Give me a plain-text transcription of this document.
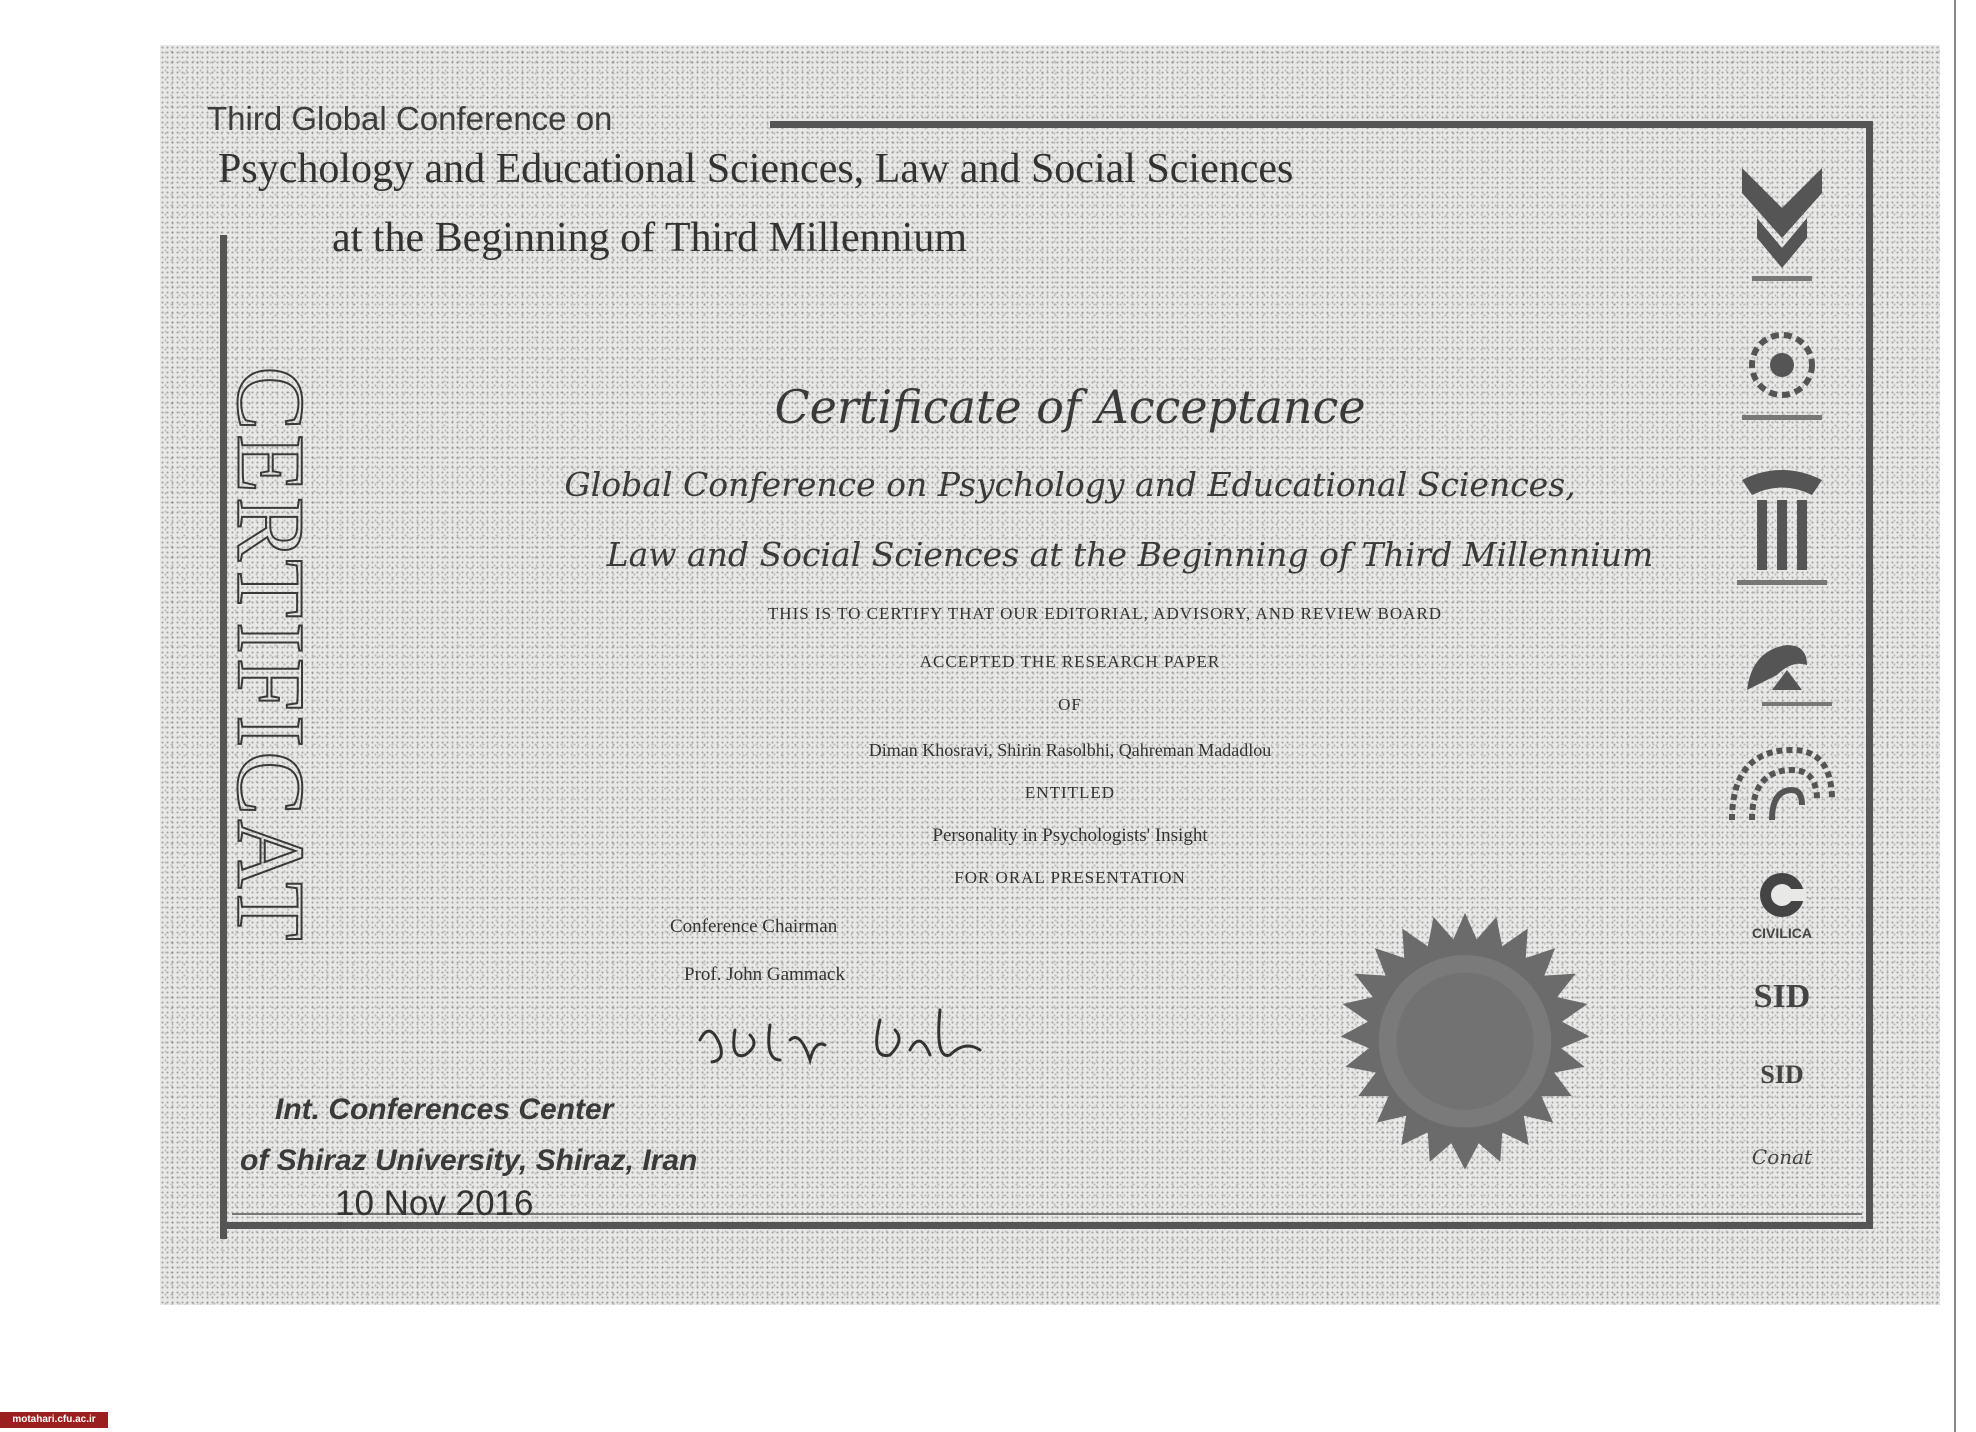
Third Global Conference on
Psychology and Educational Sciences, Law and Social Sciences
at the Beginning of Third Millennium
CERTIFICAT	Certificate of Acceptance
Global Conference on Psychology and Educational Sciences,
Law and Social Sciences at the Beginning of Third Millennium
THIS IS TO CERTIFY THAT OUR EDITORIAL, ADVISORY, AND REVIEW BOARD
ACCEPTED THE RESEARCH PAPER
OF
Diman Khosravi, Shirin Rasolbhi, Qahreman Madadlou
ENTITLED
Personality in Psychologists' Insight
FOR ORAL PRESENTATION
Conference Chairman
Prof. John Gammack
Int. Conferences Center
of Shiraz University, Shiraz, Iran
10 Nov 2016
CIVILICA
SID
SID
Conat
motahari.cfu.ac.ir
